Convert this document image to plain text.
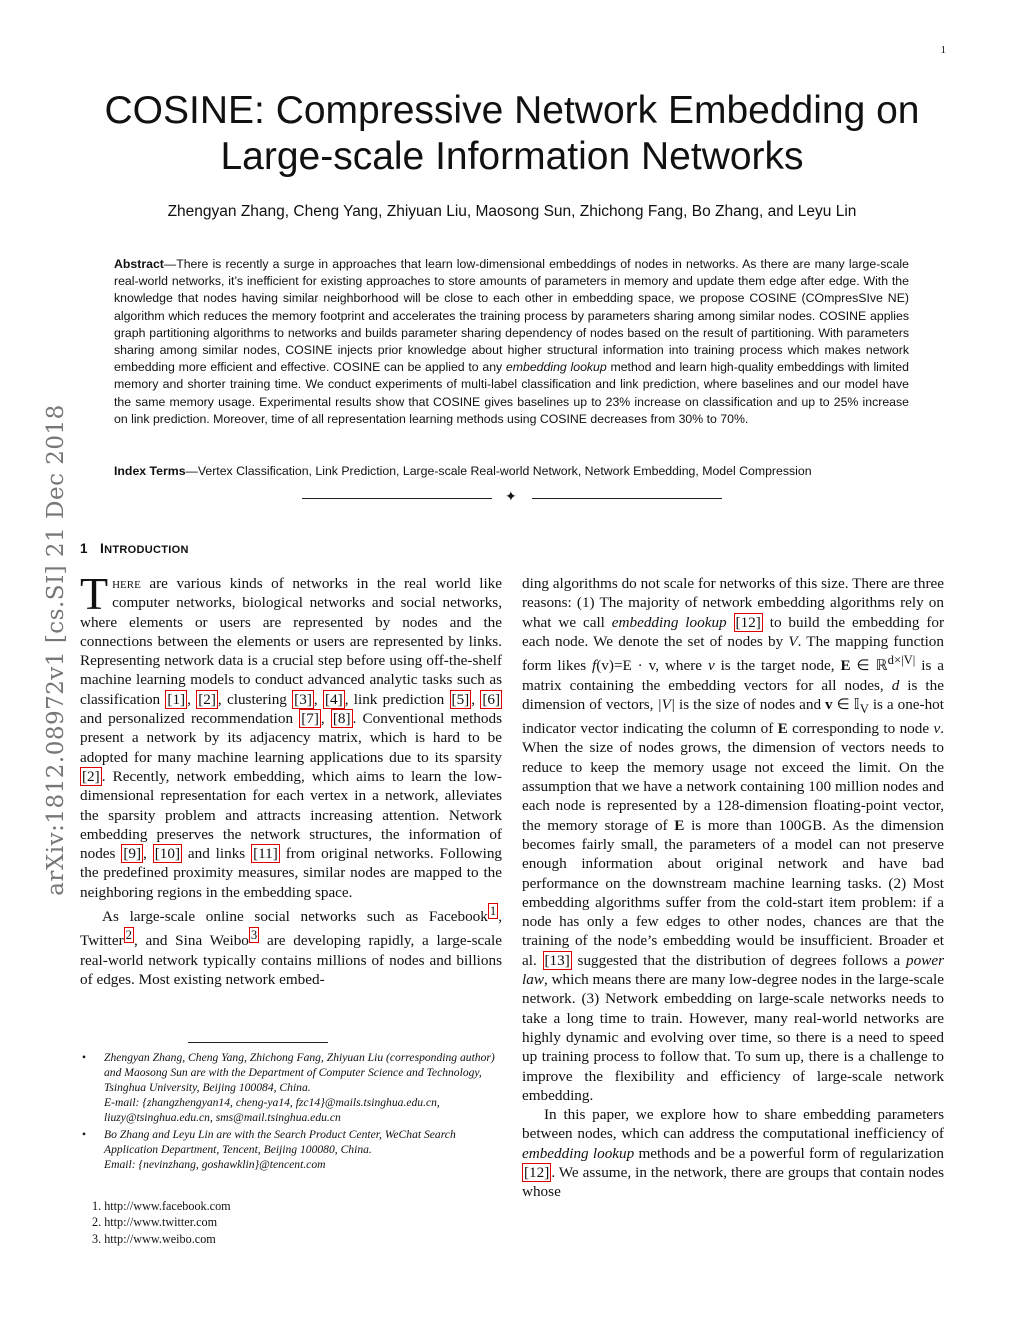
1
arXiv:1812.08972v1 [cs.SI] 21 Dec 2018
COSINE: Compressive Network Embedding on
Large-scale Information Networks
Zhengyan Zhang, Cheng Yang, Zhiyuan Liu, Maosong Sun, Zhichong Fang, Bo Zhang, and Leyu Lin
Abstract—There is recently a surge in approaches that learn low-dimensional embeddings of nodes in networks. As there are many large-scale real-world networks, it’s inefficient for existing approaches to store amounts of parameters in memory and update them edge after edge. With the knowledge that nodes having similar neighborhood will be close to each other in embedding space, we propose COSINE (COmpresSIve NE) algorithm which reduces the memory footprint and accelerates the training process by parameters sharing among similar nodes. COSINE applies graph partitioning algorithms to networks and builds parameter sharing dependency of nodes based on the result of partitioning. With parameters sharing among similar nodes, COSINE injects prior knowledge about higher structural information into training process which makes network embedding more efficient and effective. COSINE can be applied to any embedding lookup method and learn high-quality embeddings with limited memory and shorter training time. We conduct experiments of multi-label classification and link prediction, where baselines and our model have the same memory usage. Experimental results show that COSINE gives baselines up to 23% increase on classification and up to 25% increase on link prediction. Moreover, time of all representation learning methods using COSINE decreases from 30% to 70%.
Index Terms—Vertex Classification, Link Prediction, Large-scale Real-world Network, Network Embedding, Model Compression
✦
1 INTRODUCTION

There are various kinds of networks in the real world like computer networks, biological networks and social networks, where elements or users are represented by nodes and the connections between the elements or users are represented by links. Representing network data is a crucial step before using off-the-shelf machine learning models to conduct advanced analytic tasks such as classification [1] , [2] , clustering [3] , [4] , link prediction [5] , [6] and personalized recommendation [7] , [8] . Conventional methods present a network by its adjacency matrix, which is hard to be adopted for many machine learning applications due to its sparsity [2] . Recently, network embedding, which aims to learn the low-dimensional representation for each vertex in a network, alleviates the sparsity problem and attracts increasing attention. Network embedding preserves the network structures, the information of nodes [9] , [10] and links [11] from original networks. Following the predefined proximity measures, similar nodes are mapped to the neighboring regions in the embedding space.

As large-scale online social networks such as Facebook $^1$ , Twitter $^2$ , and Sina Weibo $^3$ are developing rapidly, a large-scale real-world network typically contains millions of nodes and billions of edges. Most existing network embed-

ding algorithms do not scale for networks of this size. There are three reasons: (1) The majority of network embedding algorithms rely on what we call embedding lookup [12] to build the embedding for each node. We denote the set of nodes by V. The mapping function form likes f(v)=E · v, where v is the target node, E ∈ ℝ$^{d\times|V|}$ is a matrix containing the embedding vectors for all nodes, d is the dimension of vectors, |V| is the size of nodes and v ∈ 𝕀$_V$ is a one-hot indicator vector indicating the column of E corresponding to node v. When the size of nodes grows, the dimension of vectors needs to reduce to keep the memory usage not exceed the limit. On the assumption that we have a network containing 100 million nodes and each node is represented by a 128-dimension floating-point vector, the memory storage of E is more than 100GB. As the dimension becomes fairly small, the parameters of a model can not preserve enough information about original network and have bad performance on the downstream machine learning tasks. (2) Most embedding algorithms suffer from the cold-start item problem: if a node has only a few edges to other nodes, chances are that the training of the node’s embedding would be insufficient. Broader et al. [13] suggested that the distribution of degrees follows a power law, which means there are many low-degree nodes in the large-scale network. (3) Network embedding on large-scale networks needs to take a long time to train. However, many real-world networks are highly dynamic and evolving over time, so there is a need to speed up training process to follow that. To sum up, there is a challenge to improve the flexibility and efficiency of large-scale network embedding.

In this paper, we explore how to share embedding parameters between nodes, which can address the computational inefficiency of embedding lookup methods and be a powerful form of regularization [12] . We assume, in the network, there are groups that contain nodes whose

• Zhengyan Zhang, Cheng Yang, Zhichong Fang, Zhiyuan Liu (corresponding author) and Maosong Sun are with the Department of Computer Science and Technology, Tsinghua University, Beijing 100084, China.
E-mail: {zhangzhengyan14, cheng-ya14, fzc14}@mails.tsinghua.edu.cn, liuzy@tsinghua.edu.cn, sms@mail.tsinghua.edu.cn
• Bo Zhang and Leyu Lin are with the Search Product Center, WeChat Search Application Department, Tencent, Beijing 100080, China.
Email: {nevinzhang, goshawklin}@tencent.com
1. http://www.facebook.com
2. http://www.twitter.com
3. http://www.weibo.com
